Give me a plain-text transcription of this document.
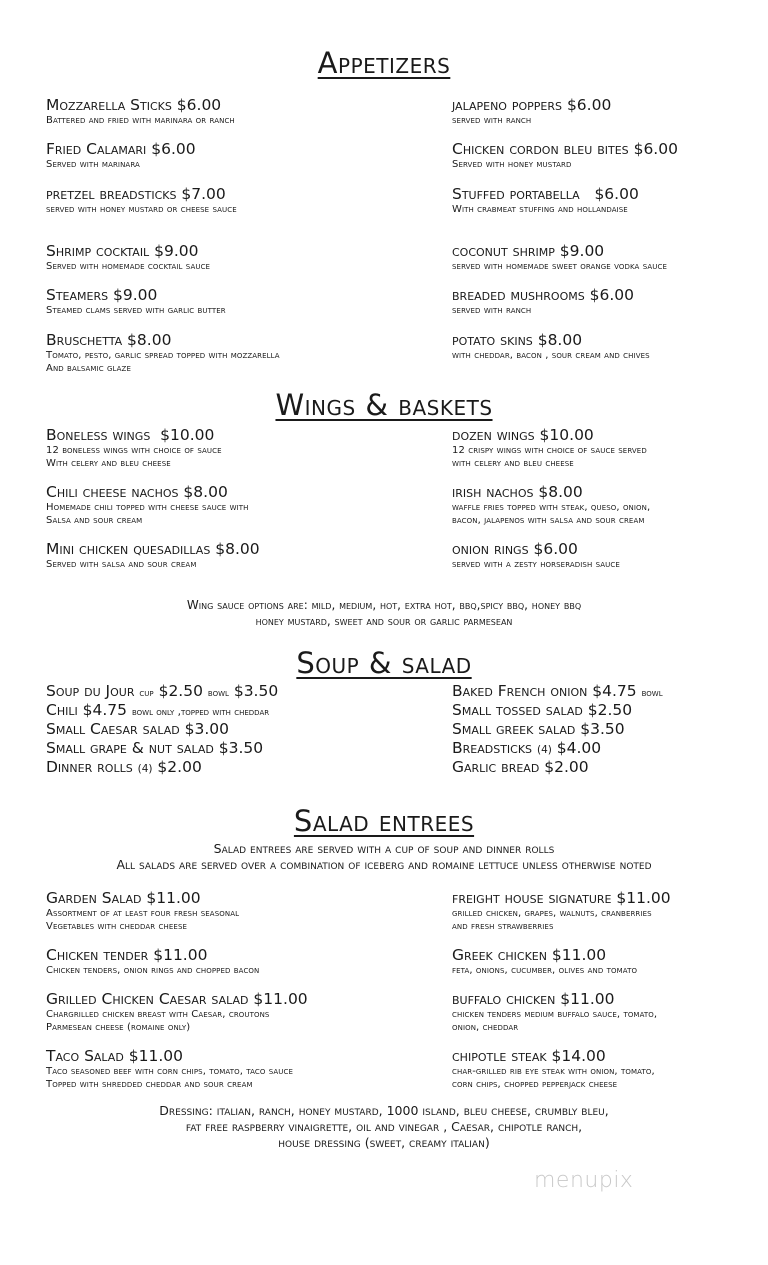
Appetizers
Mozzarella Sticks $6.00
Battered and fried with marinara or ranch
Fried Calamari $6.00
Served with marinara
pretzel breadsticks $7.00
served with honey mustard or cheese sauce
Shrimp cocktail $9.00
Served with homemade cocktail sauce
Steamers $9.00
Steamed clams served with garlic butter
Bruschetta $8.00
Tomato, pesto, garlic spread topped with mozzarella
And balsamic glaze
jalapeno poppers $6.00
served with ranch
Chicken cordon bleu bites $6.00
Served with honey mustard
Stuffed portabella   $6.00
With crabmeat stuffing and hollandaise
coconut shrimp $9.00
served with homemade sweet orange vodka sauce
breaded mushrooms $6.00
served with ranch
potato skins $8.00
with cheddar, bacon , sour cream and chives
Wings & baskets
Boneless wings  $10.00
12 boneless wings with choice of sauce
With celery and bleu cheese
Chili cheese nachos $8.00
Homemade chili topped with cheese sauce with
Salsa and sour cream
Mini chicken quesadillas $8.00
Served with salsa and sour cream
dozen wings $10.00
12 crispy wings with choice of sauce served
with celery and bleu cheese
irish nachos $8.00
waffle fries topped with steak, queso, onion,
bacon, jalapenos with salsa and sour cream
onion rings $6.00
served with a zesty horseradish sauce
Wing sauce options are: mild, medium, hot, extra hot, bbq,spicy bbq, honey bbq
honey mustard, sweet and sour or garlic parmesean
Soup & salad
Soup du Jour cup $2.50 bowl $3.50
Chili $4.75 bowl only ,topped with cheddar
Small Caesar salad $3.00
Small grape & nut salad $3.50
Dinner rolls (4) $2.00
Baked French onion $4.75 bowl
Small tossed salad $2.50
Small greek salad $3.50
Breadsticks (4) $4.00
Garlic bread $2.00
Salad entrees
Salad entrees are served with a cup of soup and dinner rolls
All salads are served over a combination of iceberg and romaine lettuce unless otherwise noted
Garden Salad $11.00
Assortment of at least four fresh seasonal
Vegetables with cheddar cheese
Chicken tender $11.00
Chicken tenders, onion rings and chopped bacon
Grilled Chicken Caesar salad $11.00
Chargrilled chicken breast with Caesar, croutons
Parmesean cheese (romaine only)
Taco Salad $11.00
Taco seasoned beef with corn chips, tomato, taco sauce
Topped with shredded cheddar and sour cream
freight house signature $11.00
grilled chicken, grapes, walnuts, cranberries
and fresh strawberries
Greek chicken $11.00
feta, onions, cucumber, olives and tomato
buffalo chicken $11.00
chicken tenders medium buffalo sauce, tomato,
onion, cheddar
chipotle steak $14.00
char-grilled rib eye steak with onion, tomato,
corn chips, chopped pepperjack cheese
Dressing: italian, ranch, honey mustard, 1000 island, bleu cheese, crumbly bleu,
fat free raspberry vinaigrette, oil and vinegar , Caesar, chipotle ranch,
house dressing (sweet, creamy italian)
menupix
